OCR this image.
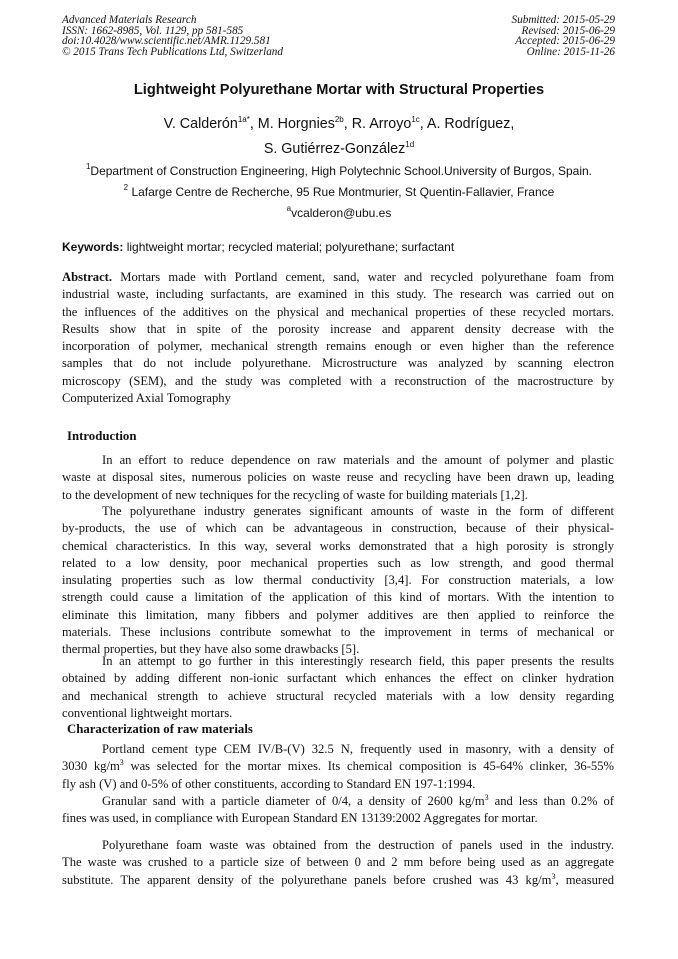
Advanced Materials Research
ISSN: 1662-8985, Vol. 1129, pp 581-585
doi:10.4028/www.scientific.net/AMR.1129.581
© 2015 Trans Tech Publications Ltd, Switzerland
Submitted: 2015-05-29
Revised: 2015-06-29
Accepted: 2015-06-29
Online: 2015-11-26
Lightweight Polyurethane Mortar with Structural Properties
V. Calderón$^{1a*}$, M. Horgnies$^{2b}$, R. Arroyo$^{1c}$, A. Rodríguez,
S. Gutiérrez-González$^{1d}$
$^1$Department of Construction Engineering, High Polytechnic School.University of Burgos, Spain.
$^2$ Lafarge Centre de Recherche, 95 Rue Montmurier, St Quentin-Fallavier, France
$^a$vcalderon@ubu.es
Keywords: lightweight mortar; recycled material; polyurethane; surfactant
Abstract. Mortars made with Portland cement, sand, water and recycled polyurethane foam from
industrial waste, including surfactants, are examined in this study. The research was carried out on
the influences of the additives on the physical and mechanical properties of these recycled mortars.
Results show that in spite of the porosity increase and apparent density decrease with the
incorporation of polymer, mechanical strength remains enough or even higher than the reference
samples that do not include polyurethane. Microstructure was analyzed by scanning electron
microscopy (SEM), and the study was completed with a reconstruction of the macrostructure by
Computerized Axial Tomography
Introduction
In an effort to reduce dependence on raw materials and the amount of polymer and plastic
waste at disposal sites, numerous policies on waste reuse and recycling have been drawn up, leading
to the development of new techniques for the recycling of waste for building materials [1,2].
The polyurethane industry generates significant amounts of waste in the form of different
by-products, the use of which can be advantageous in construction, because of their physical-
chemical characteristics. In this way, several works demonstrated that a high porosity is strongly
related to a low density, poor mechanical properties such as low strength, and good thermal
insulating properties such as low thermal conductivity [3,4]. For construction materials, a low
strength could cause a limitation of the application of this kind of mortars. With the intention to
eliminate this limitation, many fibbers and polymer additives are then applied to reinforce the
materials. These inclusions contribute somewhat to the improvement in terms of mechanical or
thermal properties, but they have also some drawbacks [5].
In an attempt to go further in this interestingly research field, this paper presents the results
obtained by adding different non-ionic surfactant which enhances the effect on clinker hydration
and mechanical strength to achieve structural recycled materials with a low density regarding
conventional lightweight mortars.
Characterization of raw materials
Portland cement type CEM IV/B-(V) 32.5 N, frequently used in masonry, with a density of
3030 $kg/m^3$ was selected for the mortar mixes. Its chemical composition is 45-64% clinker, 36-55%
fly ash (V) and 0-5% of other constituents, according to Standard EN 197-1:1994.
Granular sand with a particle diameter of 0/4, a density of 2600 $kg/m^3$ and less than 0.2% of
fines was used, in compliance with European Standard EN 13139:2002 Aggregates for mortar.
Polyurethane foam waste was obtained from the destruction of panels used in the industry.
The waste was crushed to a particle size of between 0 and 2 mm before being used as an aggregate
substitute. The apparent density of the polyurethane panels before crushed was 43 $kg/m^3$, measured
